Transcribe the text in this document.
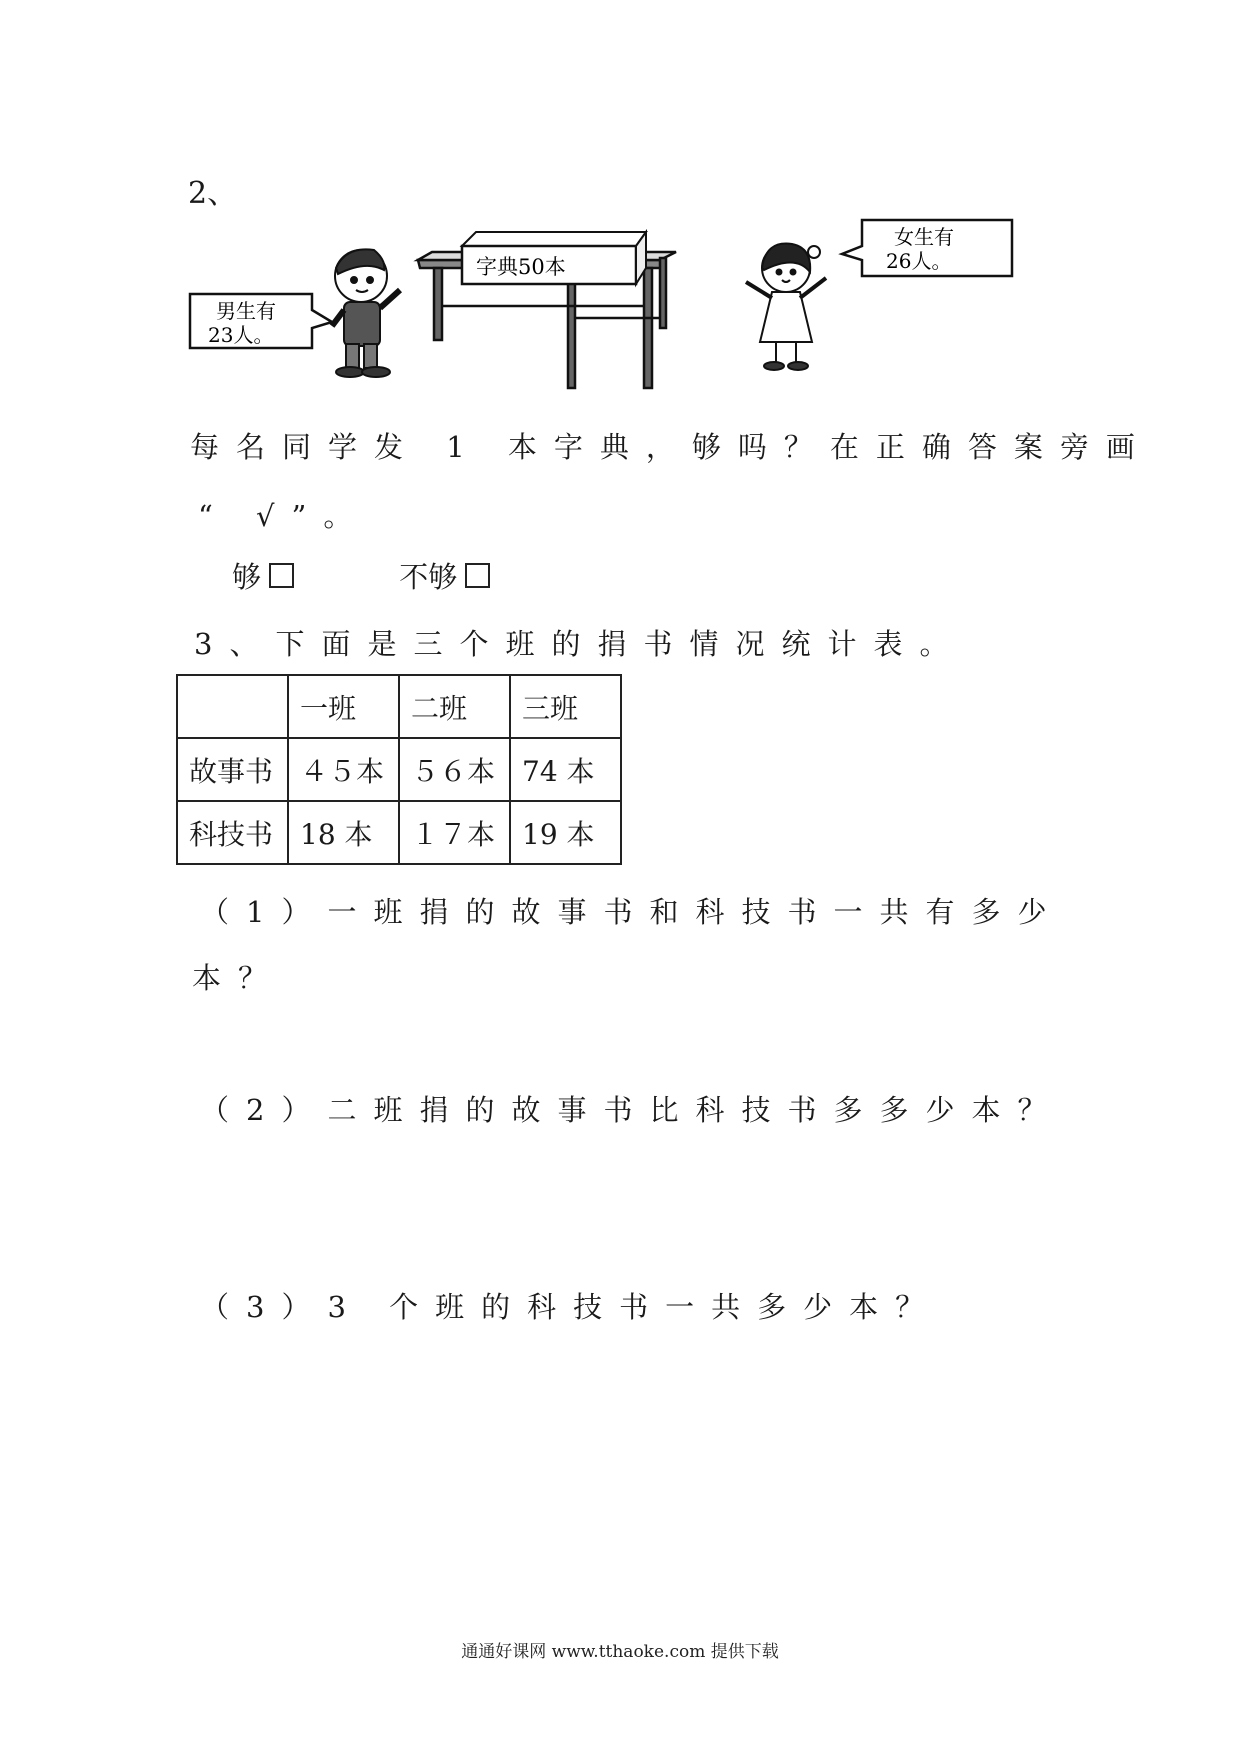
2、
男生有
23人。
字典50本
女生有
26人。
每名同学发 1 本字典，够吗？在正确答案旁画
“ √”。
够	不够
3、下面是三个班的捐书情况统计表。
	一班	二班	三班
故事书	４５本	５６本	74 本
科技书	18 本	１７本	19 本
（1）一班捐的故事书和科技书一共有多少
本？
（2）二班捐的故事书比科技书多多少本？
（3）3 个班的科技书一共多少本？
通通好课网 www.tthaoke.com 提供下载
